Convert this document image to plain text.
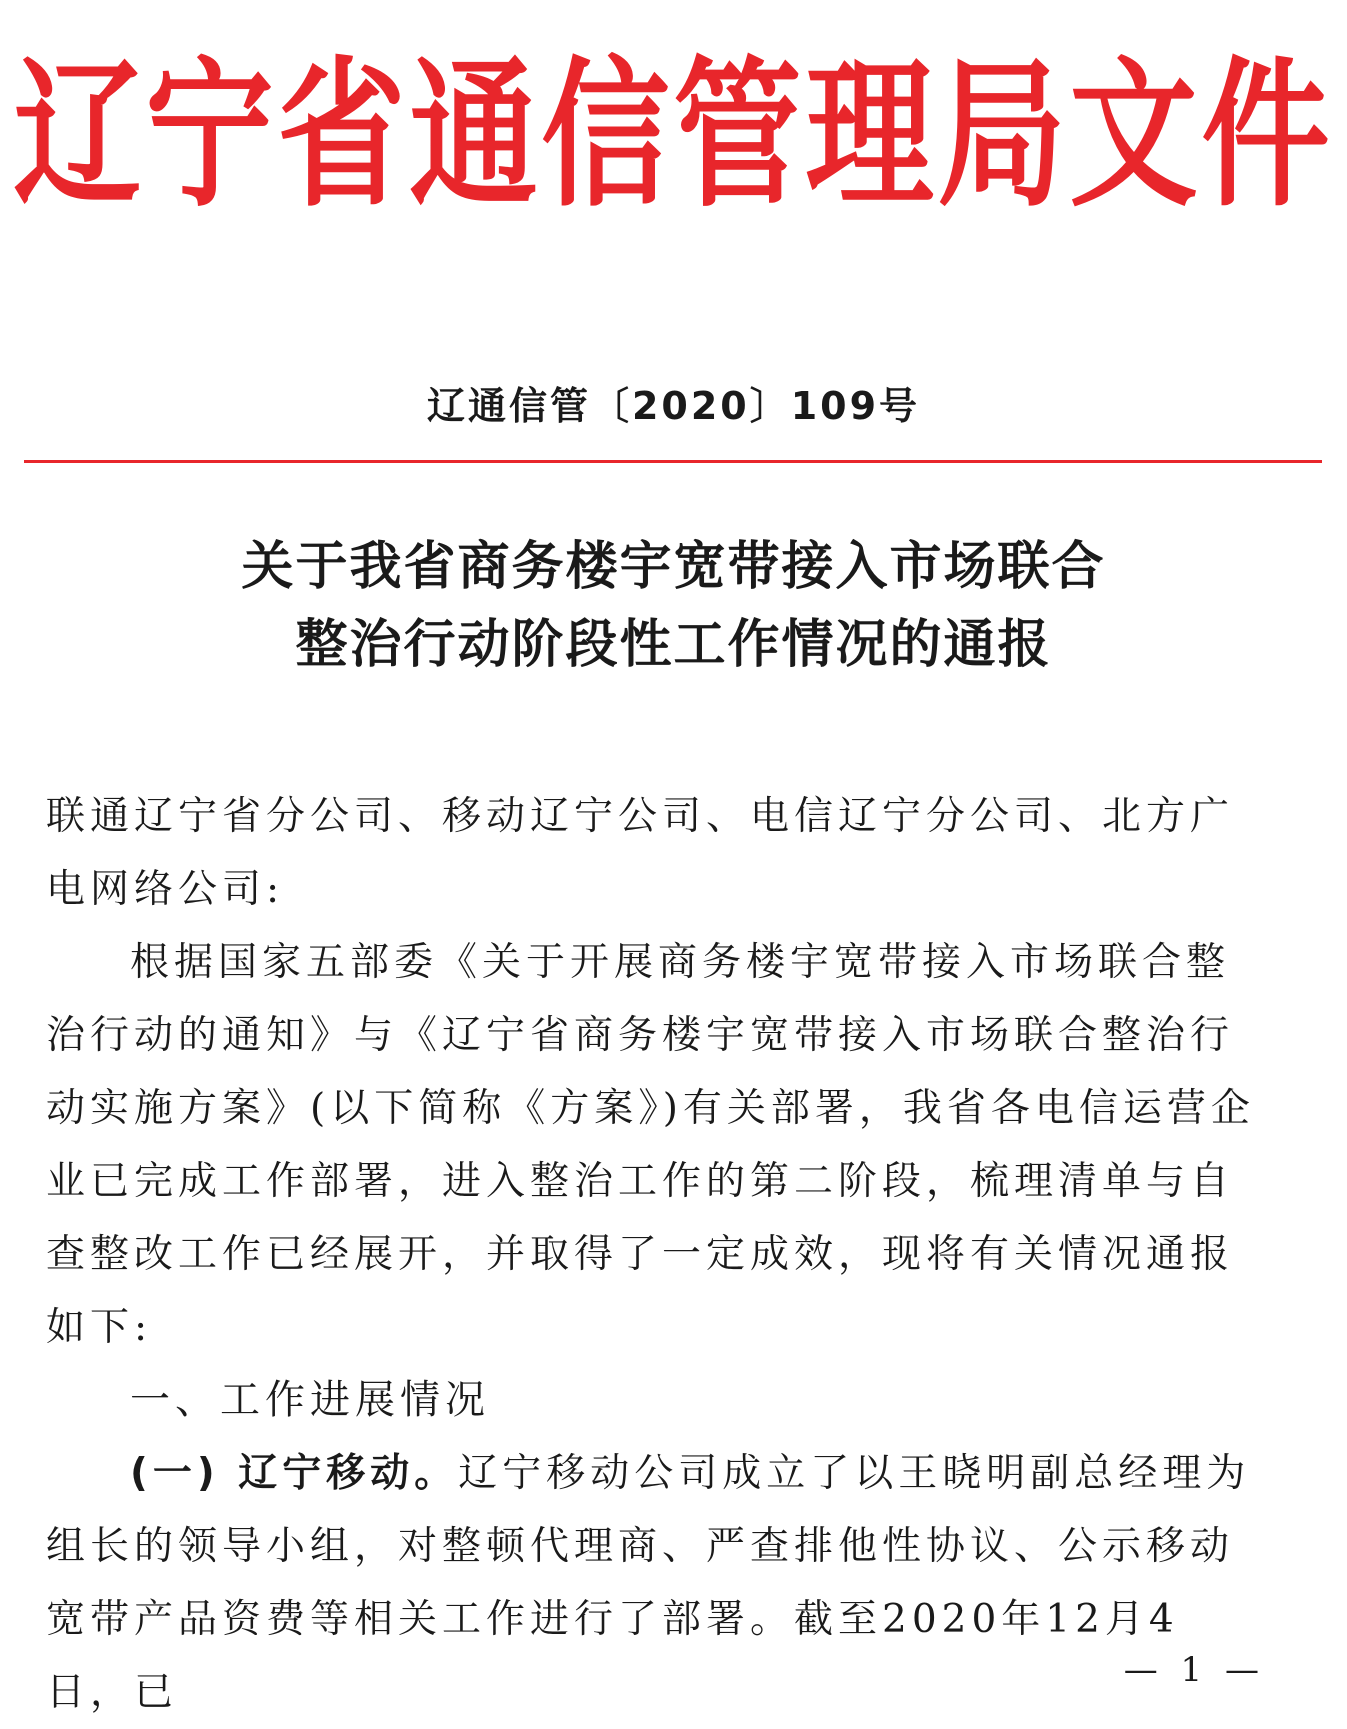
辽宁省通信管理局文件
辽通信管〔2020〕109号
关于我省商务楼宇宽带接入市场联合
整治行动阶段性工作情况的通报

联通辽宁省分公司、移动辽宁公司、电信辽宁分公司、北方广电网络公司:

根据国家五部委《关于开展商务楼宇宽带接入市场联合整治行动的通知》与《辽宁省商务楼宇宽带接入市场联合整治行动实施方案》(以下简称《方案》)有关部署，我省各电信运营企业已完成工作部署，进入整治工作的第二阶段，梳理清单与自查整改工作已经展开，并取得了一定成效，现将有关情况通报如下:

一、工作进展情况

(一) 辽宁移动。辽宁移动公司成立了以王晓明副总经理为组长的领导小组，对整顿代理商、严查排他性协议、公示移动宽带产品资费等相关工作进行了部署。截至2020年12月4日，已	— 1 —
